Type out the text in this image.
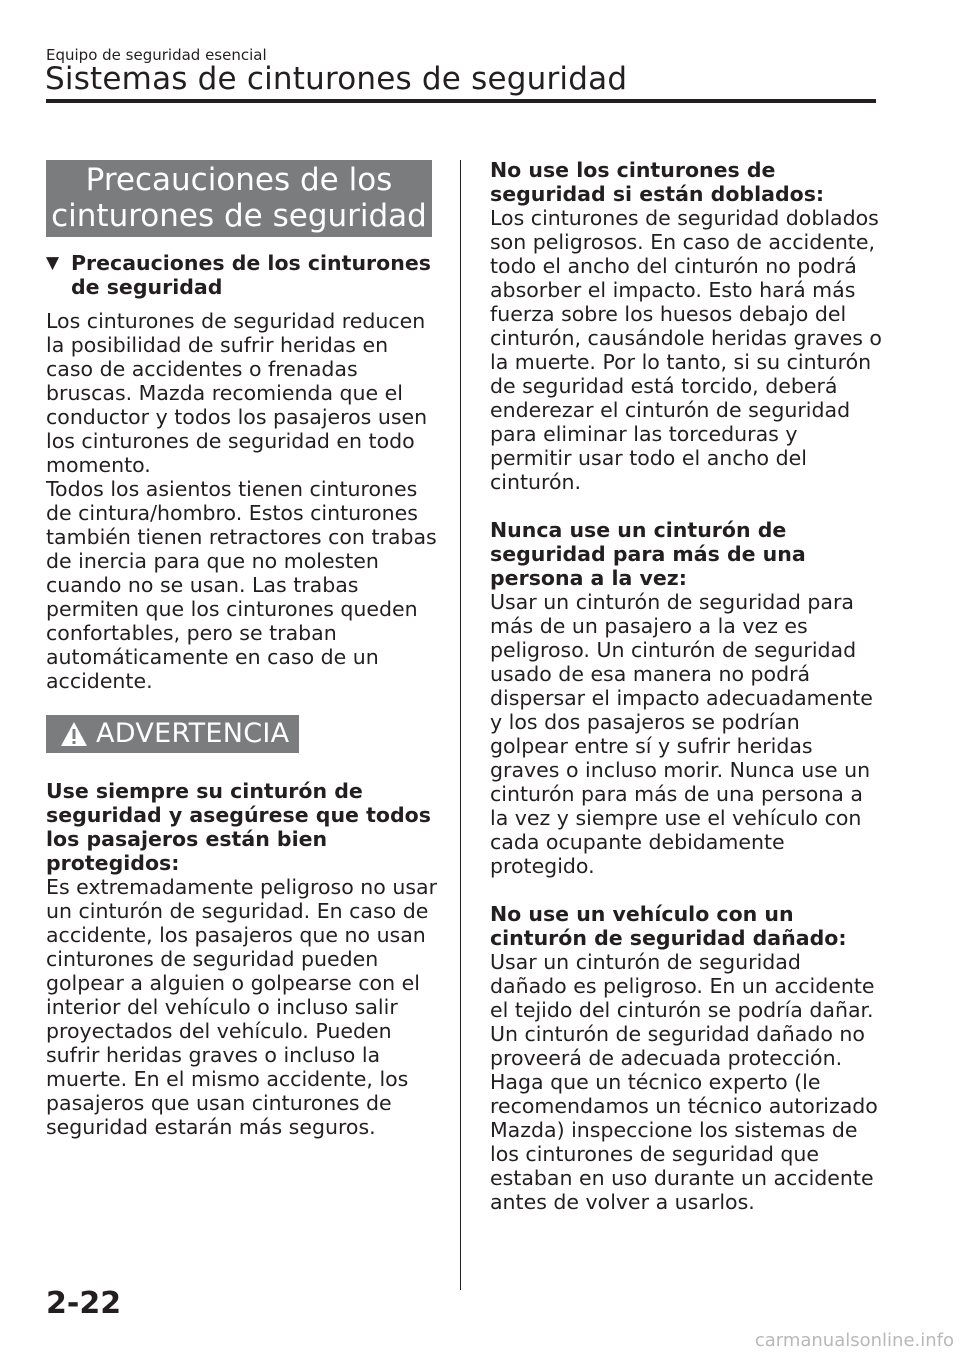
Equipo de seguridad esencial
Sistemas de cinturones de seguridad
Precauciones de los
cinturones de seguridad
▼ Precauciones de los cinturones de seguridad

Los cinturones de seguridad reducen la posibilidad de sufrir heridas en caso de accidentes o frenadas bruscas. Mazda recomienda que el conductor y todos los pasajeros usen los cinturones de seguridad en todo momento.

Todos los asientos tienen cinturones de cintura/hombro. Estos cinturones también tienen retractores con trabas de inercia para que no molesten cuando no se usan. Las trabas permiten que los cinturones queden confortables, pero se traban automáticamente en caso de un accidente.

ADVERTENCIA

Use siempre su cinturón de seguridad y asegúrese que todos los pasajeros están bien protegidos:

Es extremadamente peligroso no usar un cinturón de seguridad. En caso de accidente, los pasajeros que no usan cinturones de seguridad pueden golpear a alguien o golpearse con el interior del vehículo o incluso salir proyectados del vehículo. Pueden sufrir heridas graves o incluso la muerte. En el mismo accidente, los pasajeros que usan cinturones de seguridad estarán más seguros.

No use los cinturones de seguridad si están doblados:

Los cinturones de seguridad doblados son peligrosos. En caso de accidente, todo el ancho del cinturón no podrá absorber el impacto. Esto hará más fuerza sobre los huesos debajo del cinturón, causándole heridas graves o la muerte. Por lo tanto, si su cinturón de seguridad está torcido, deberá enderezar el cinturón de seguridad para eliminar las torceduras y permitir usar todo el ancho del cinturón.

Nunca use un cinturón de seguridad para más de una persona a la vez:

Usar un cinturón de seguridad para más de un pasajero a la vez es peligroso. Un cinturón de seguridad usado de esa manera no podrá dispersar el impacto adecuadamente y los dos pasajeros se podrían golpear entre sí y sufrir heridas graves o incluso morir. Nunca use un cinturón para más de una persona a la vez y siempre use el vehículo con cada ocupante debidamente protegido.

No use un vehículo con un cinturón de seguridad dañado:

Usar un cinturón de seguridad dañado es peligroso. En un accidente el tejido del cinturón se podría dañar. Un cinturón de seguridad dañado no proveerá de adecuada protección. Haga que un técnico experto (le recomendamos un técnico autorizado Mazda) inspeccione los sistemas de los cinturones de seguridad que estaban en uso durante un accidente antes de volver a usarlos.

2-22
carmanualsonline.info
